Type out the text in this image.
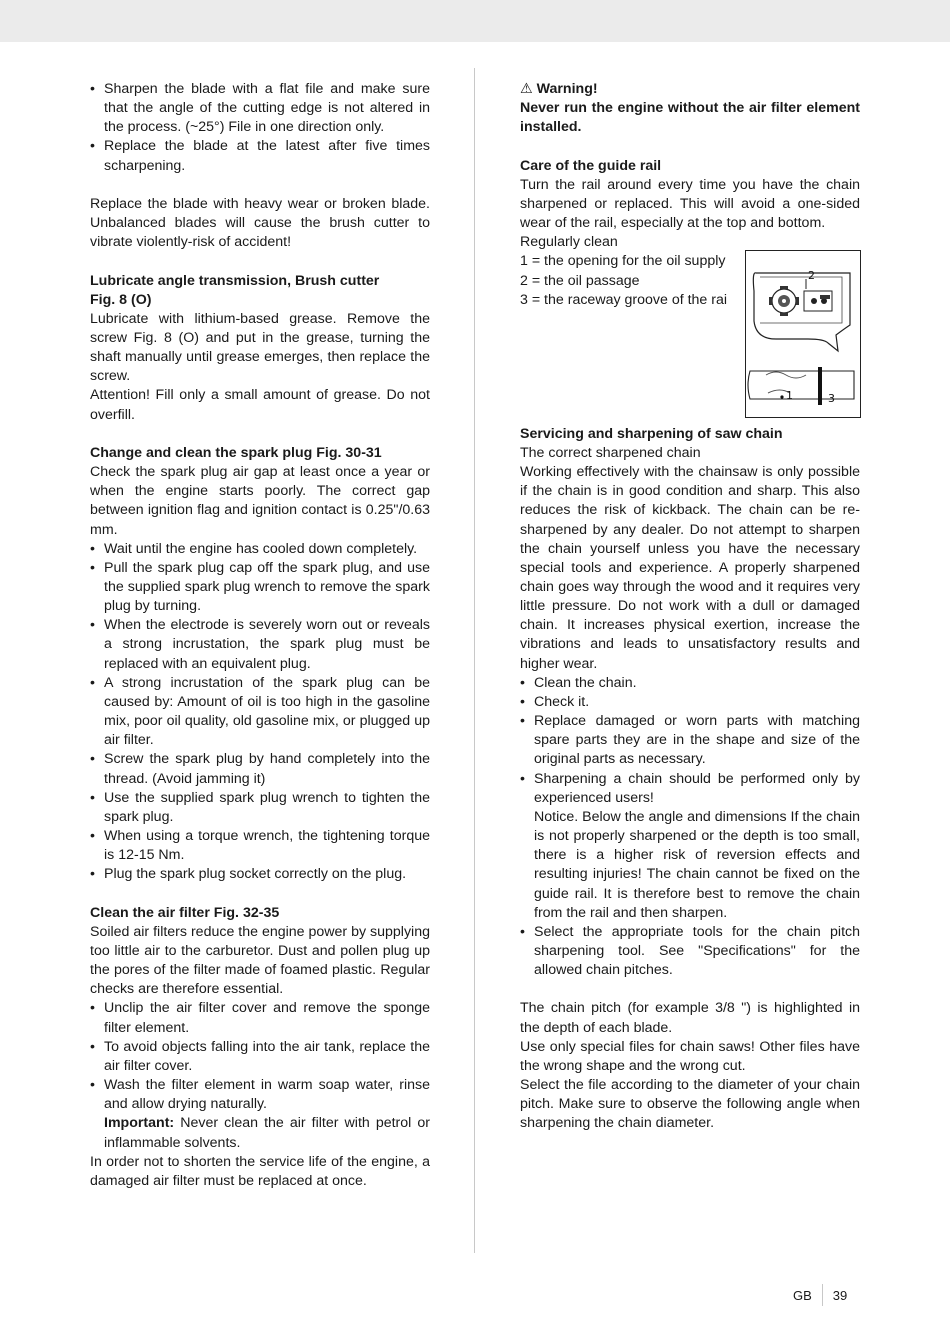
• Sharpen the blade with a flat file and make sure that the angle of the cutting edge is not altered in the process. (~25°) File in one direction only.
• Replace the blade at the latest after five times scharpening.

Replace the blade with heavy wear or broken blade. Unbalanced blades will cause the brush cutter to vibrate violently-risk of accident!

Lubricate angle transmission, Brush cutter

Fig. 8 (O)

Lubricate with lithium-based grease. Remove the screw Fig. 8 (O) and put in the grease, turning the shaft manually until grease emerges, then replace the screw.

Attention! Fill only a small amount of grease. Do not overfill.

Change and clean the spark plug Fig. 30-31

Check the spark plug air gap at least once a year or when the engine starts poorly. The correct gap between ignition flag and ignition contact is 0.25"/0.63 mm.

• Wait until the engine has cooled down completely.
• Pull the spark plug cap off the spark plug, and use the supplied spark plug wrench to remove the spark plug by turning.
• When the electrode is severely worn out or reveals a strong incrustation, the spark plug must be replaced with an equivalent plug.
• A strong incrustation of the spark plug can be caused by: Amount of oil is too high in the gasoline mix, poor oil quality, old gasoline mix, or plugged up air filter.
• Screw the spark plug by hand completely into the thread. (Avoid jamming it)
• Use the supplied spark plug wrench to tighten the spark plug.
• When using a torque wrench, the tightening torque is 12-15 Nm.
• Plug the spark plug socket correctly on the plug.

Clean the air filter Fig. 32-35

Soiled air filters reduce the engine power by supplying too little air to the carburetor. Dust and pollen plug up the pores of the filter made of foamed plastic. Regular checks are therefore essential.

• Unclip the air filter cover and remove the sponge filter element.
• To avoid objects falling into the air tank, replace the air filter cover.
• Wash the filter element in warm soap water, rinse and allow drying naturally.

Important: Never clean the air filter with petrol or inflammable solvents.

In order not to shorten the service life of the engine, a damaged air filter must be replaced at once.

⚠ Warning!

Never run the engine without the air filter element installed.

Care of the guide rail

Turn the rail around every time you have the chain sharpened or replaced. This will avoid a one-sided wear of the rail, especially at the top and bottom.

Regularly clean

1 = the opening for the oil supply

2 = the oil passage

3 = the raceway groove of the rai

Servicing and sharpening of saw chain

The correct sharpened chain

Working effectively with the chainsaw is only possible if the chain is in good condition and sharp. This also reduces the risk of kickback. The chain can be re-sharpened by any dealer. Do not attempt to sharpen the chain yourself unless you have the necessary special tools and experience. A properly sharpened chain goes way through the wood and it requires very little pressure. Do not work with a dull or damaged chain. It increases physical exertion, increase the vibrations and leads to unsatisfactory results and higher wear.

• Clean the chain.
• Check it.
• Replace damaged or worn parts with matching spare parts they are in the shape and size of the original parts as necessary.
• Sharpening a chain should be performed only by experienced users!

Notice. Below the angle and dimensions If the chain is not properly sharpened or the depth is too small, there is a higher risk of reversion effects and resulting injuries! The chain cannot be fixed on the guide rail. It is therefore best to remove the chain from the rail and then sharpen.

• Select the appropriate tools for the chain pitch sharpening tool. See "Specifications" for the allowed chain pitches.

The chain pitch (for example 3/8 ") is highlighted in the depth of each blade.

Use only special files for chain saws! Other files have the wrong shape and the wrong cut.

Select the file according to the diameter of your chain pitch. Make sure to observe the following angle when sharpening the chain diameter.

2
1	3
GB 39
